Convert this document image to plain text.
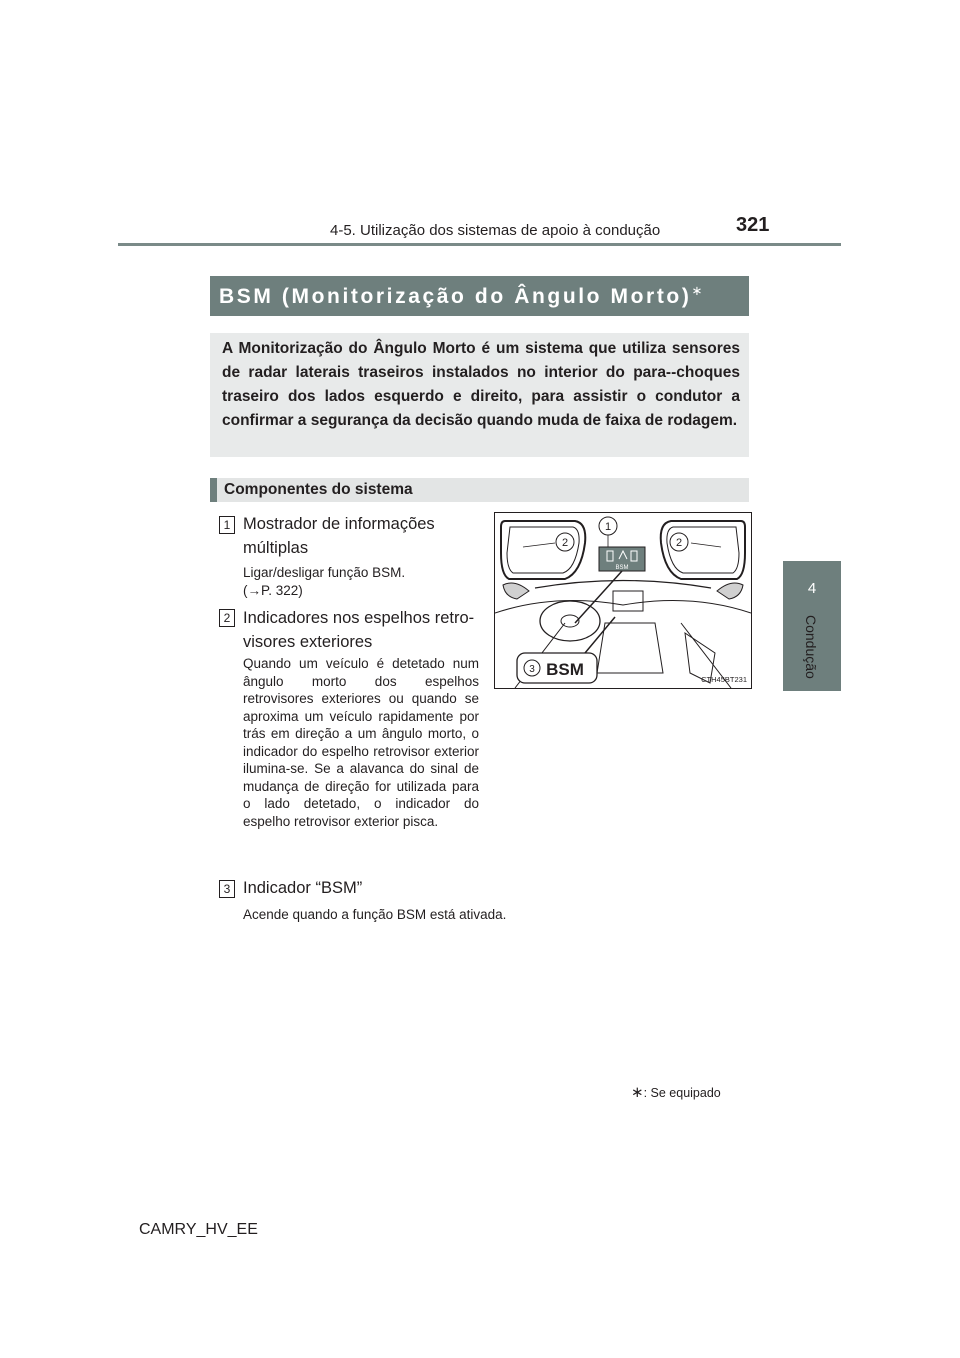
4-5. Utilização dos sistemas de apoio à condução	321
4
Condução
BSM (Monitorização do Ângulo Morto)∗
A Monitorização do Ângulo Morto é um sistema que utiliza sensores de radar laterais traseiros instalados no interior do para--choques traseiro dos lados esquerdo e direito, para assistir o condutor a confirmar a segurança da decisão quando muda de faixa de rodagem.
Componentes do sistema
1 Mostrador de informações
múltiplas
Ligar/desligar função BSM.
(→P. 322)
2 Indicadores nos espelhos retro-
visores exteriores
Quando um veículo é detetado num ângulo morto dos espelhos retrovisores exteriores ou quando se aproxima um veículo rapidamente por trás em direção a um ângulo morto, o indicador do espelho retrovisor exterior ilumina-se. Se a alavanca do sinal de mudança de direção for utilizada para o lado detetado, o indicador do espelho retrovisor exterior pisca.
3 Indicador “BSM”
Acende quando a função BSM está ativada.
BSM
1
2	2
3 BSM
CTH45BT231
∗: Se equipado
CAMRY_HV_EE
